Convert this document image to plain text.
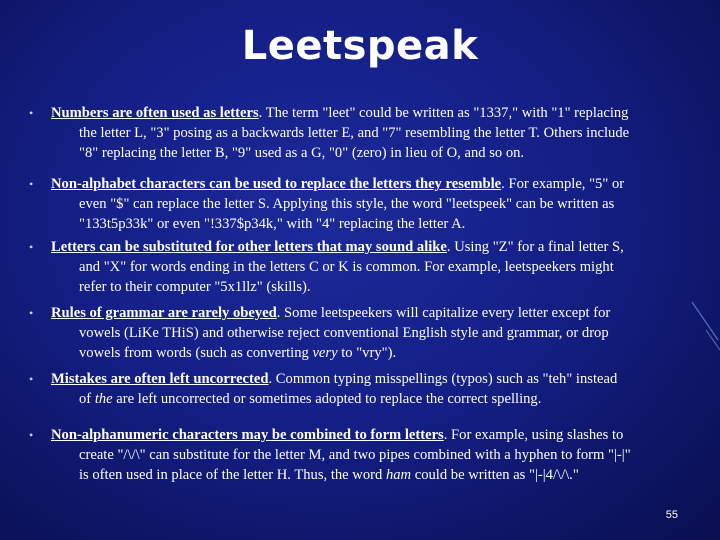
Leetspeak
• Numbers are often used as letters. The term "leet" could be written as "1337," with "1" replacing
the letter L, "3" posing as a backwards letter E, and "7" resembling the letter T. Others include
"8" replacing the letter B, "9" used as a G, "0" (zero) in lieu of O, and so on.
• Non-alphabet characters can be used to replace the letters they resemble. For example, "5" or
even "$" can replace the letter S. Applying this style, the word "leetspeek" can be written as
"133t5p33k" or even "!337$p34k," with "4" replacing the letter A.
• Letters can be substituted for other letters that may sound alike. Using "Z" for a final letter S,
and "X" for words ending in the letters C or K is common. For example, leetspeekers might
refer to their computer "5x1llz" (skills).
• Rules of grammar are rarely obeyed. Some leetspeekers will capitalize every letter except for
vowels (LiKe THiS) and otherwise reject conventional English style and grammar, or drop
vowels from words (such as converting very to "vry").
• Mistakes are often left uncorrected. Common typing misspellings (typos) such as "teh" instead
of the are left uncorrected or sometimes adopted to replace the correct spelling.
• Non-alphanumeric characters may be combined to form letters. For example, using slashes to
create "/\/\" can substitute for the letter M, and two pipes combined with a hyphen to form "|-|"
is often used in place of the letter H. Thus, the word ham could be written as "|-|4/\/\."
55
